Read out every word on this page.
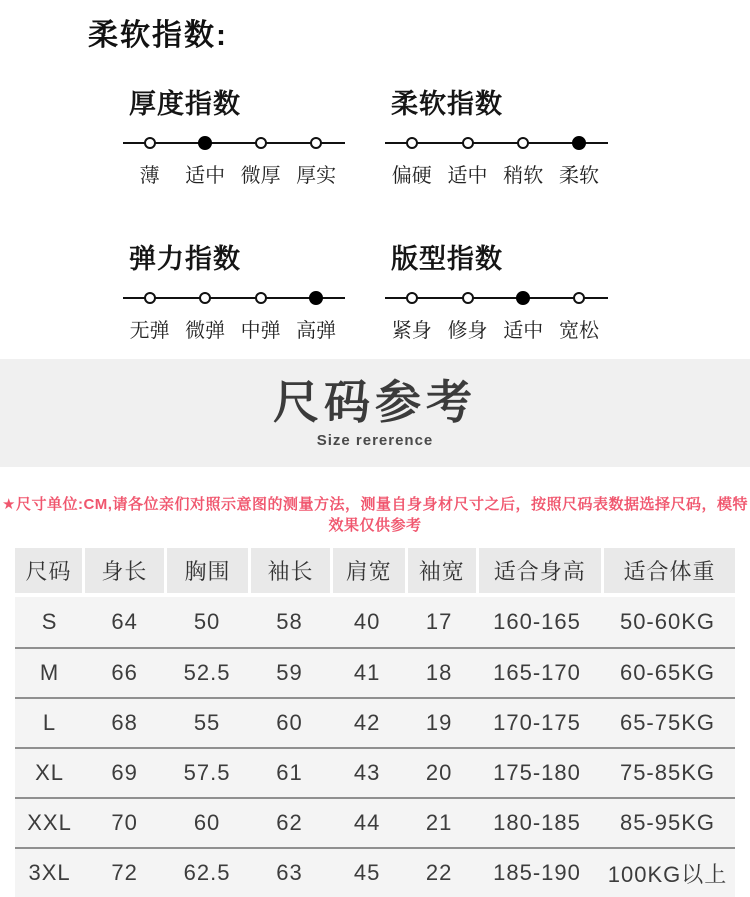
柔软指数:
厚度指数
薄 适中 微厚 厚实
柔软指数
偏硬 适中 稍软 柔软
弹力指数
无弹 微弹 中弹 高弹
版型指数
紧身 修身 适中 宽松
尺码参考
Size rererence

★尺寸单位:CM,请各位亲们对照示意图的测量方法，测量自身身材尺寸之后，按照尺码表数据选择尺码，模特效果仅供参考

尺码	身长	胸围	袖长	肩宽	袖宽	适合身高	适合体重
S	64	50	58	40	17	160-165	50-60KG
M	66	52.5	59	41	18	165-170	60-65KG
L	68	55	60	42	19	170-175	65-75KG
XL	69	57.5	61	43	20	175-180	75-85KG
XXL	70	60	62	44	21	180-185	85-95KG
3XL	72	62.5	63	45	22	185-190	100KG以上
